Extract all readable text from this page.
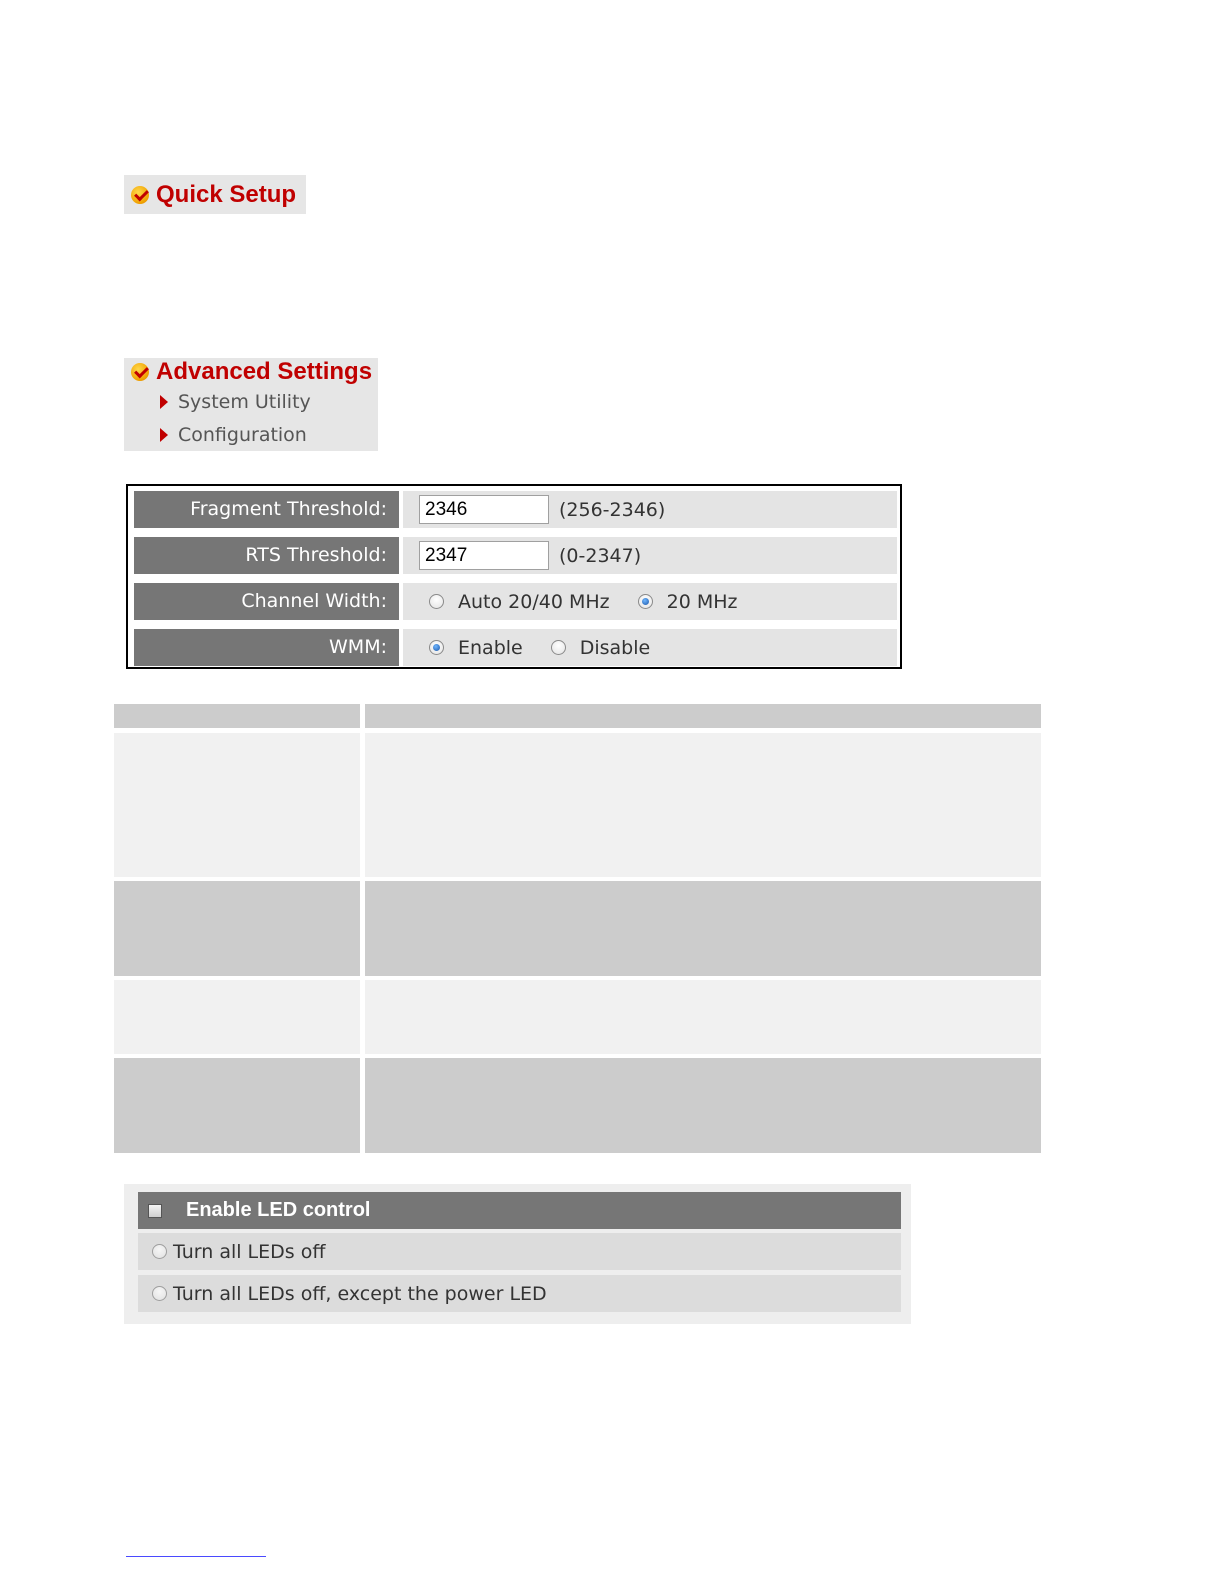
Quick Setup
Advanced Settings
System Utility
Configuration
Fragment Threshold:
2346	(256-2346)
RTS Threshold:
2347	(0-2347)
Channel Width:	Auto 20/40 MHz	20 MHz
WMM:	Enable	Disable
Enable LED control
Turn all LEDs off
Turn all LEDs off, except the power LED
